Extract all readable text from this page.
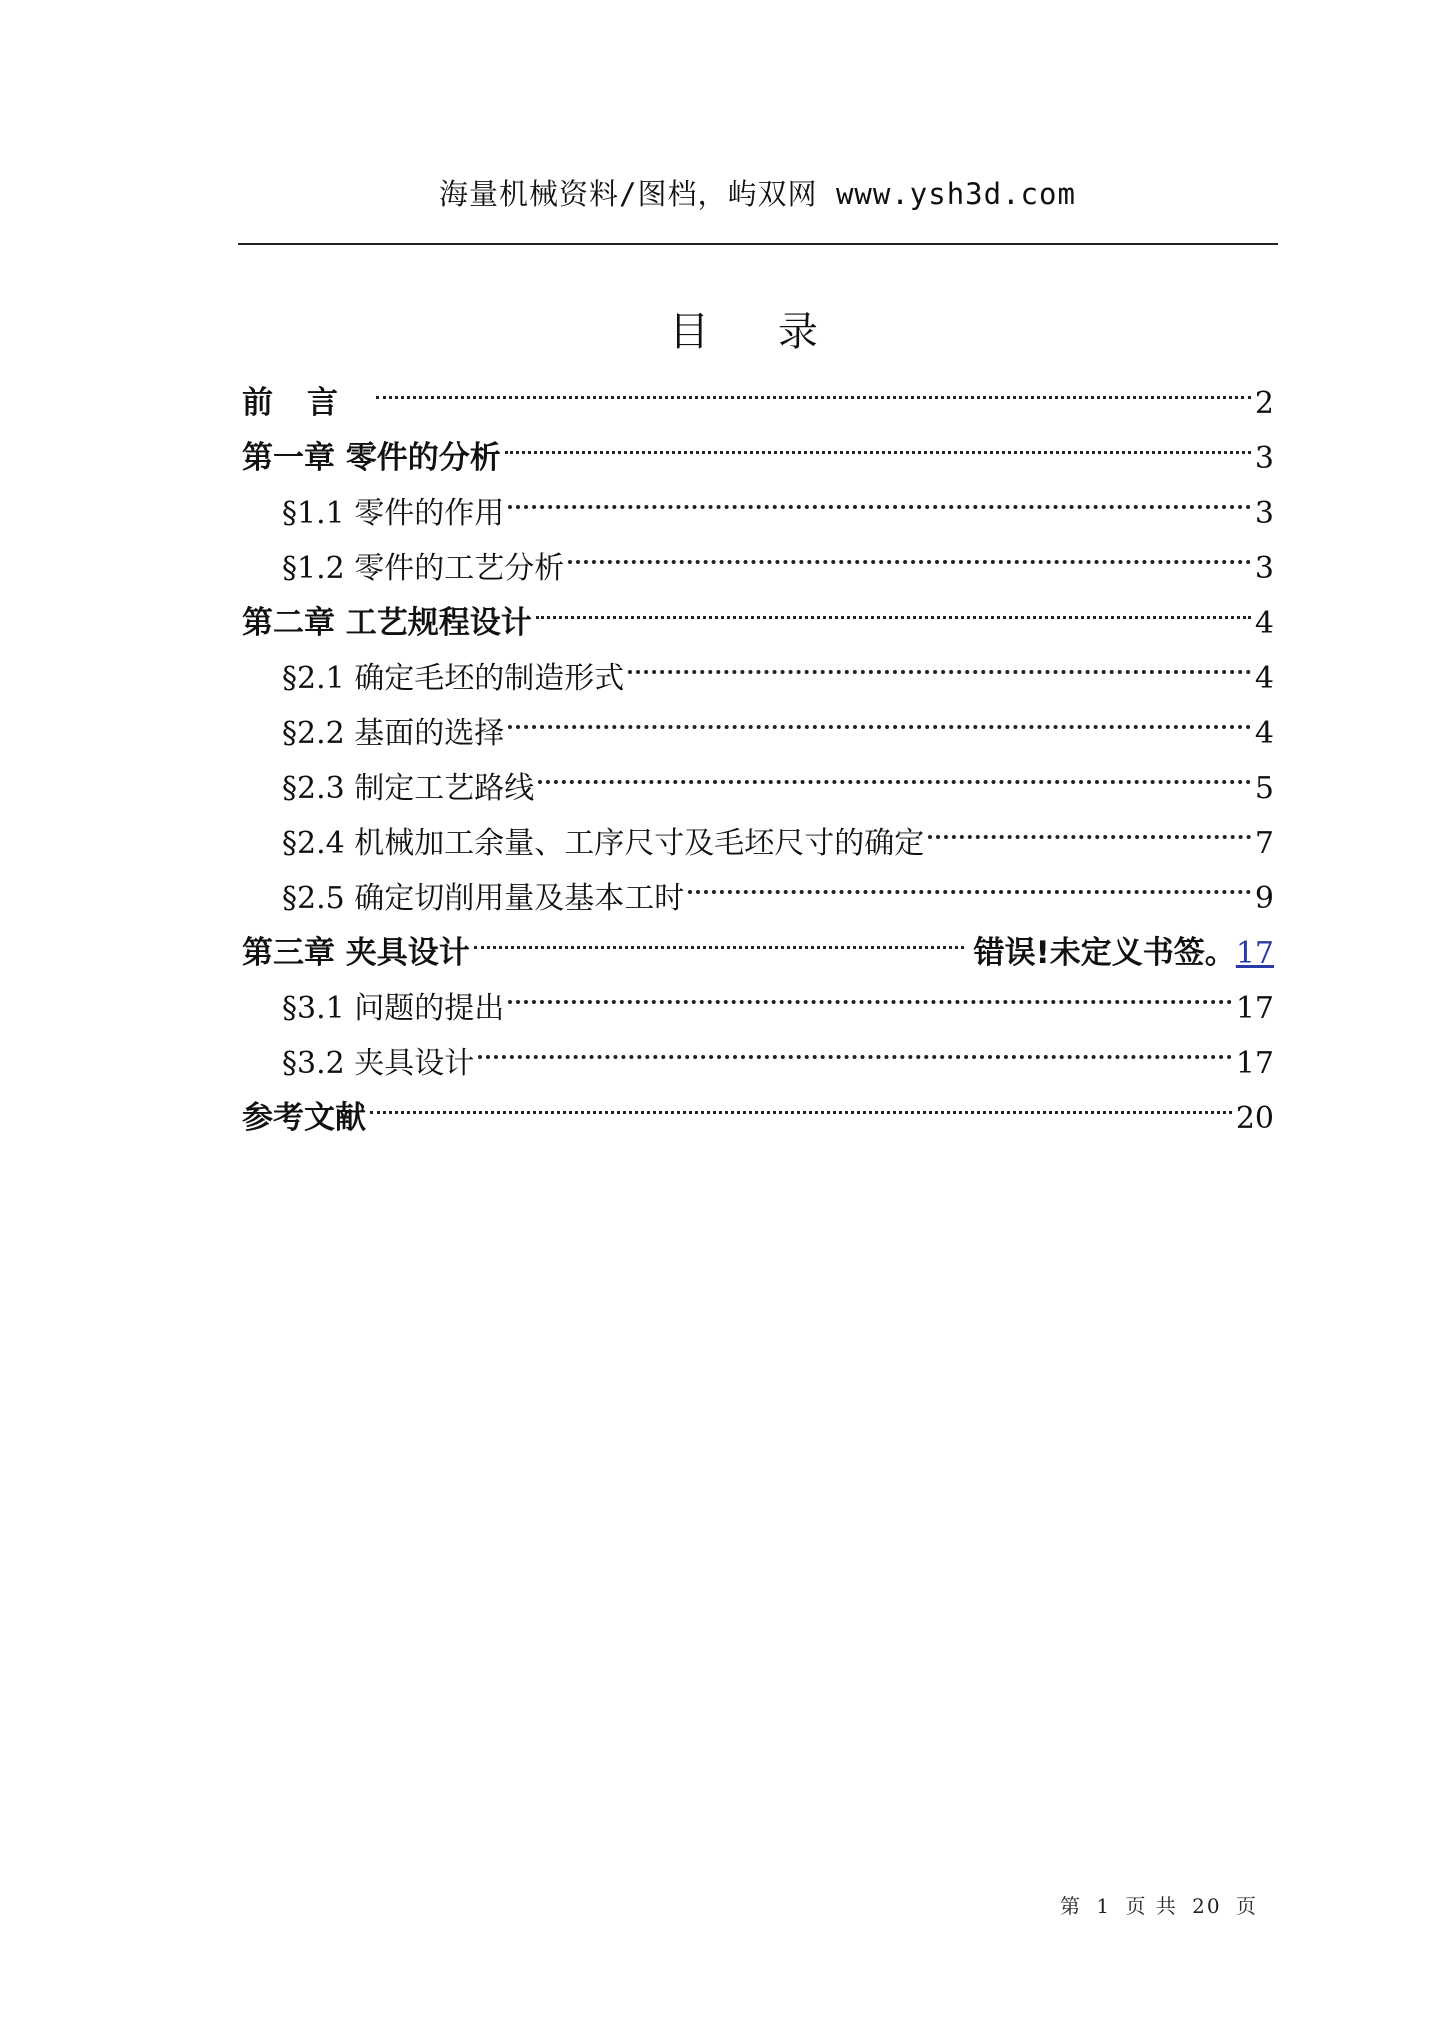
海量机械资料/图档，屿双网 www.ysh3d.com
目 录
前言	2
第一章 零件的分析	3
§1.1 零件的作用	3
§1.2 零件的工艺分析	3
第二章 工艺规程设计	4
§2.1 确定毛坯的制造形式	4
§2.2 基面的选择	4
§2.3 制定工艺路线	5
§2.4 机械加工余量、工序尺寸及毛坯尺寸的确定	7
§2.5 确定切削用量及基本工时	9
第三章 夹具设计	错误!未定义书签。 17
§3.1 问题的提出	17
§3.2 夹具设计	17
参考文献	20
第 1 页 共 20 页
